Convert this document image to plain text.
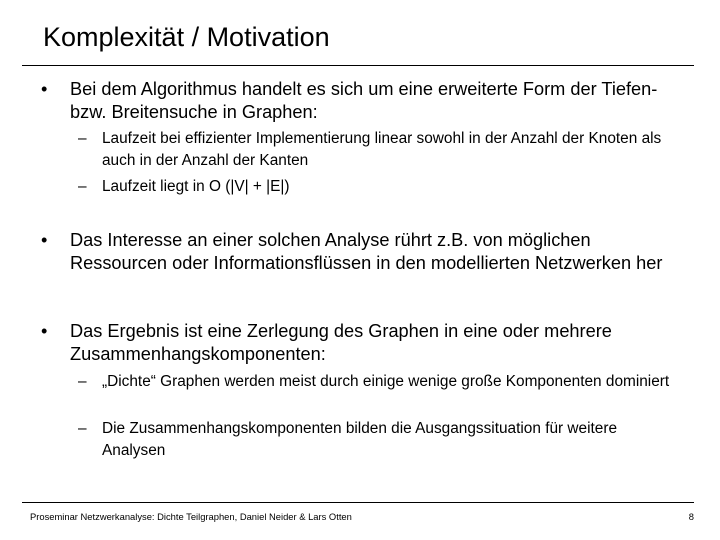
Komplexität / Motivation
• Bei dem Algorithmus handelt es sich um eine erweiterte Form der Tiefen- bzw. Breitensuche in Graphen:
– Laufzeit bei effizienter Implementierung linear sowohl in der Anzahl der Knoten als auch in der Anzahl der Kanten
– Laufzeit liegt in O (|V| + |E|)
• Das Interesse an einer solchen Analyse rührt z.B. von möglichen Ressourcen oder Informationsflüssen in den modellierten Netzwerken her
• Das Ergebnis ist eine Zerlegung des Graphen in eine oder mehrere Zusammenhangskomponenten:
– „Dichte“ Graphen werden meist durch einige wenige große Komponenten dominiert
– Die Zusammenhangskomponenten bilden die Ausgangssituation für weitere Analysen
Proseminar Netzwerkanalyse: Dichte Teilgraphen, Daniel Neider & Lars Otten	8
